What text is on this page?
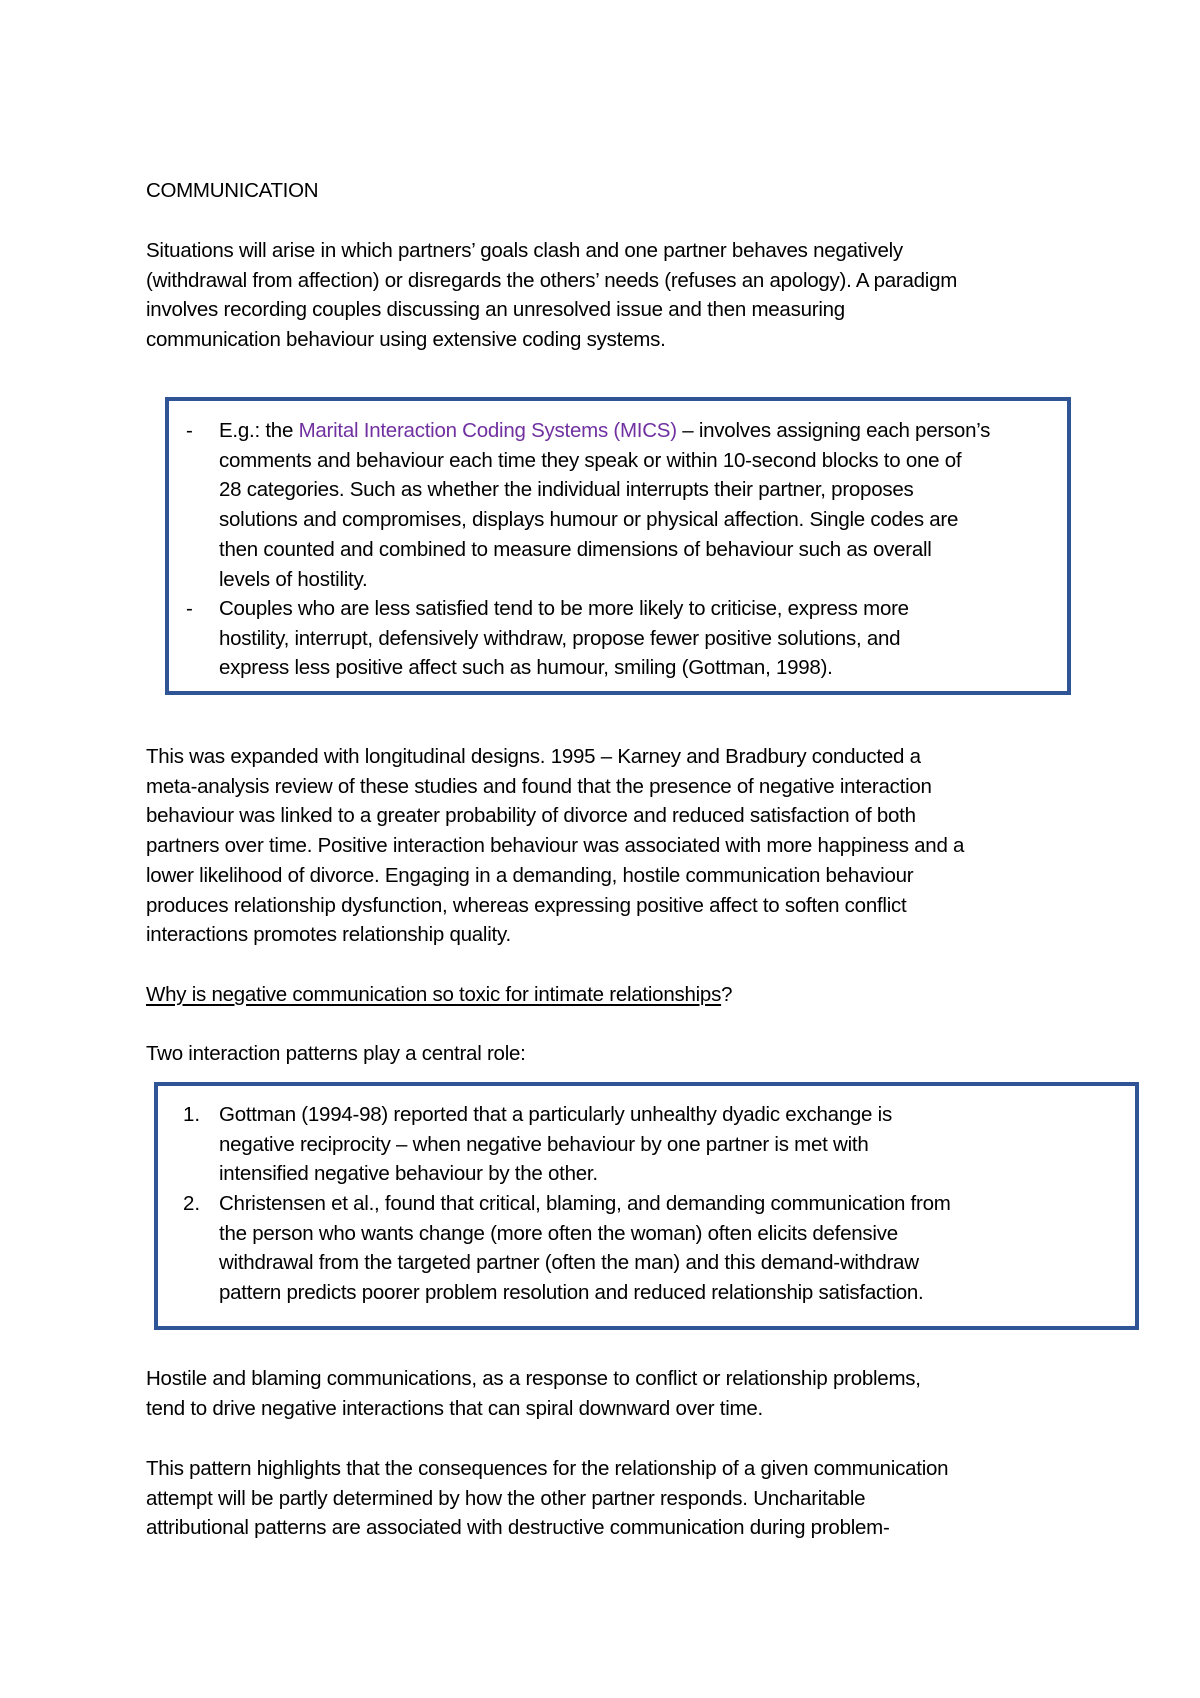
COMMUNICATION
Situations will arise in which partners’ goals clash and one partner behaves negatively
(withdrawal from affection) or disregards the others’ needs (refuses an apology). A paradigm
involves recording couples discussing an unresolved issue and then measuring
communication behaviour using extensive coding systems.
- E.g.: the Marital Interaction Coding Systems (MICS) – involves assigning each person’s
comments and behaviour each time they speak or within 10-second blocks to one of
28 categories. Such as whether the individual interrupts their partner, proposes
solutions and compromises, displays humour or physical affection. Single codes are
then counted and combined to measure dimensions of behaviour such as overall
levels of hostility.
- Couples who are less satisfied tend to be more likely to criticise, express more
hostility, interrupt, defensively withdraw, propose fewer positive solutions, and
express less positive affect such as humour, smiling (Gottman, 1998).
This was expanded with longitudinal designs. 1995 – Karney and Bradbury conducted a
meta-analysis review of these studies and found that the presence of negative interaction
behaviour was linked to a greater probability of divorce and reduced satisfaction of both
partners over time. Positive interaction behaviour was associated with more happiness and a
lower likelihood of divorce. Engaging in a demanding, hostile communication behaviour
produces relationship dysfunction, whereas expressing positive affect to soften conflict
interactions promotes relationship quality.
Why is negative communication so toxic for intimate relationships?
Two interaction patterns play a central role:
1. Gottman (1994-98) reported that a particularly unhealthy dyadic exchange is
negative reciprocity – when negative behaviour by one partner is met with
intensified negative behaviour by the other.
2. Christensen et al., found that critical, blaming, and demanding communication from
the person who wants change (more often the woman) often elicits defensive
withdrawal from the targeted partner (often the man) and this demand-withdraw
pattern predicts poorer problem resolution and reduced relationship satisfaction.
Hostile and blaming communications, as a response to conflict or relationship problems,
tend to drive negative interactions that can spiral downward over time.
This pattern highlights that the consequences for the relationship of a given communication
attempt will be partly determined by how the other partner responds. Uncharitable
attributional patterns are associated with destructive communication during problem-
